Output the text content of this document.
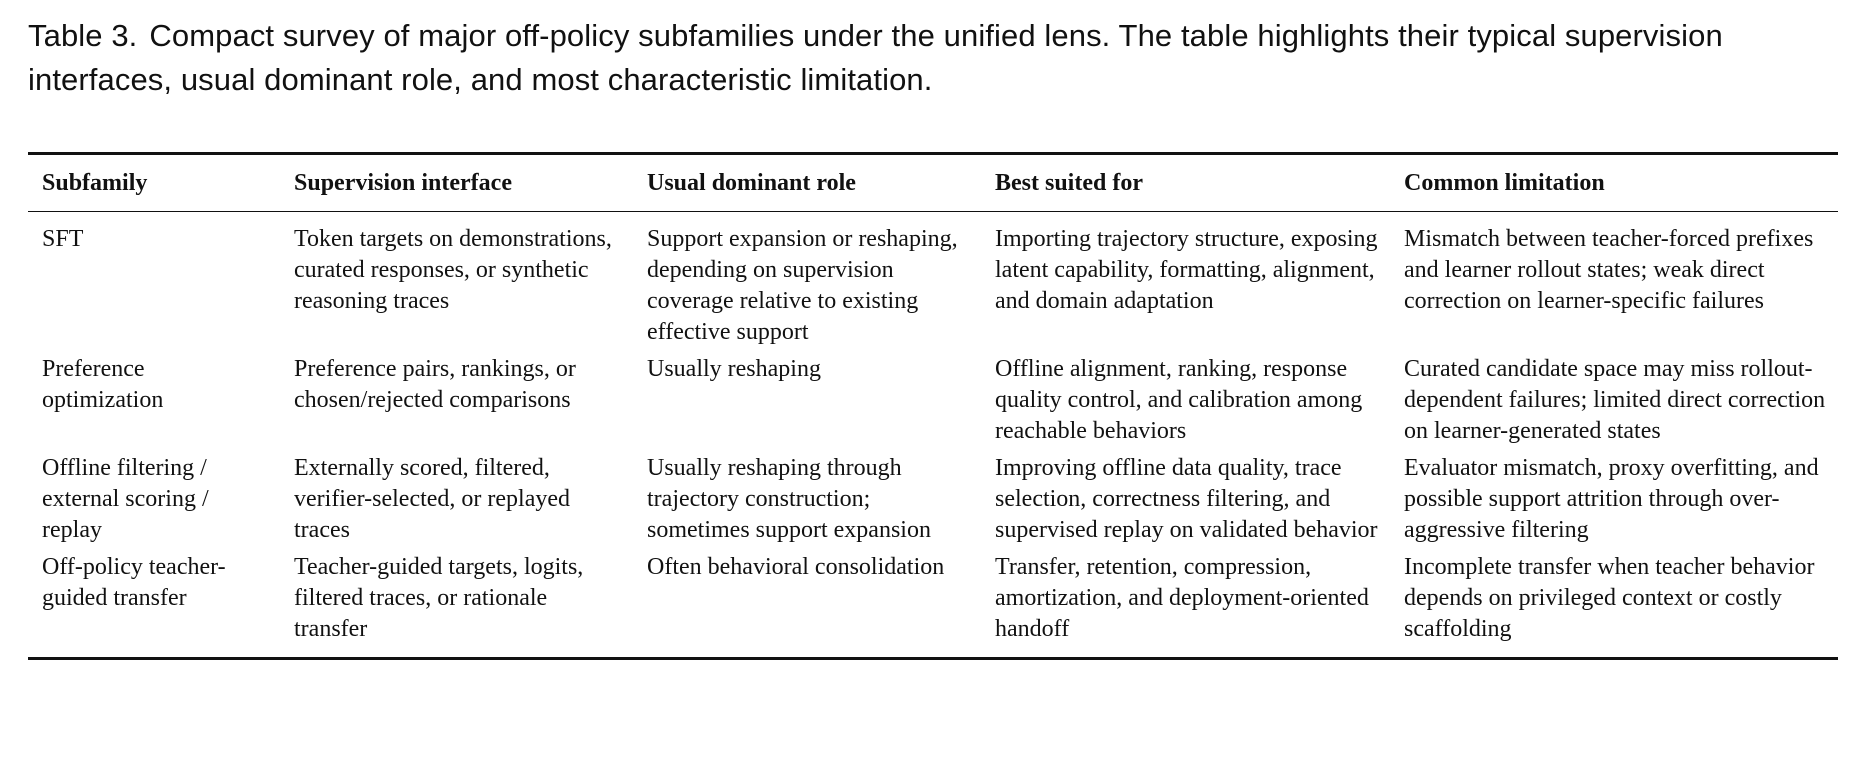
Table 3. Compact survey of major off-policy subfamilies under the unified lens. The table highlights their typical supervision interfaces, usual dominant role, and most characteristic limitation.
Subfamily	Supervision interface	Usual dominant role	Best suited for	Common limitation
SFT	Token targets on demonstrations, curated responses, or synthetic reasoning traces	Support expansion or reshaping, depending on supervision coverage relative to existing effective support	Importing trajectory structure, exposing latent capability, formatting, alignment, and domain adaptation	Mismatch between teacher-forced prefixes and learner rollout states; weak direct correction on learner-specific failures
Preference optimization	Preference pairs, rankings, or chosen/rejected comparisons	Usually reshaping	Offline alignment, ranking, response quality control, and calibration among reachable behaviors	Curated candidate space may miss rollout-dependent failures; limited direct correction on learner-generated states
Offline filtering / external scoring / replay	Externally scored, filtered, verifier-selected, or replayed traces	Usually reshaping through trajectory construction; sometimes support expansion	Improving offline data quality, trace selection, correctness filtering, and supervised replay on validated behavior	Evaluator mismatch, proxy overfitting, and possible support attrition through over-aggressive filtering
Off-policy teacher-guided transfer	Teacher-guided targets, logits, filtered traces, or rationale transfer	Often behavioral consolidation	Transfer, retention, compression, amortization, and deployment-oriented handoff	Incomplete transfer when teacher behavior depends on privileged context or costly scaffolding
